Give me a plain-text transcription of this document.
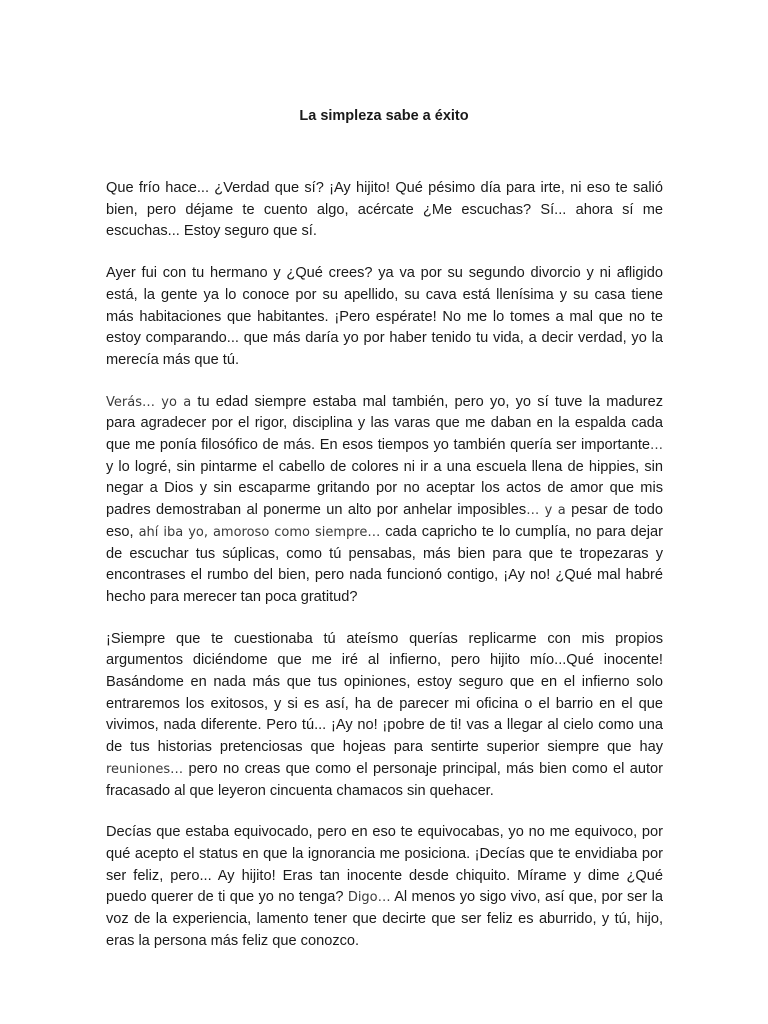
La simpleza sabe a éxito

Que frío hace... ¿Verdad que sí? ¡Ay hijito! Qué pésimo día para irte, ni eso te salió bien, pero déjame te cuento algo, acércate ¿Me escuchas? Sí... ahora sí me escuchas... Estoy seguro que sí.

Ayer fui con tu hermano y ¿Qué crees? ya va por su segundo divorcio y ni afligido está, la gente ya lo conoce por su apellido, su cava está llenísima y su casa tiene más habitaciones que habitantes. ¡Pero espérate! No me lo tomes a mal que no te estoy comparando... que más daría yo por haber tenido tu vida, a decir verdad, yo la merecía más que tú.

Verás… yo a tu edad siempre estaba mal también, pero yo, yo sí tuve la madurez para agradecer por el rigor, disciplina y las varas que me daban en la espalda cada que me ponía filosófico de más. En esos tiempos yo también quería ser importante… y lo logré, sin pintarme el cabello de colores ni ir a una escuela llena de hippies, sin negar a Dios y sin escaparme gritando por no aceptar los actos de amor que mis padres demostraban al ponerme un alto por anhelar imposibles… y a pesar de todo eso, ahí iba yo, amoroso como siempre… cada capricho te lo cumplía, no para dejar de escuchar tus súplicas, como tú pensabas, más bien para que te tropezaras y encontrases el rumbo del bien, pero nada funcionó contigo, ¡Ay no! ¿Qué mal habré hecho para merecer tan poca gratitud?

¡Siempre que te cuestionaba tú ateísmo querías replicarme con mis propios argumentos diciéndome que me iré al infierno, pero hijito mío...Qué inocente! Basándome en nada más que tus opiniones, estoy seguro que en el infierno solo entraremos los exitosos, y si es así, ha de parecer mi oficina o el barrio en el que vivimos, nada diferente. Pero tú... ¡Ay no! ¡pobre de ti! vas a llegar al cielo como una de tus historias pretenciosas que hojeas para sentirte superior siempre que hay reuniones… pero no creas que como el personaje principal, más bien como el autor fracasado al que leyeron cincuenta chamacos sin quehacer.

Decías que estaba equivocado, pero en eso te equivocabas, yo no me equivoco, por qué acepto el status en que la ignorancia me posiciona. ¡Decías que te envidiaba por ser feliz, pero... Ay hijito! Eras tan inocente desde chiquito. Mírame y dime ¿Qué puedo querer de ti que yo no tenga? Digo… Al menos yo sigo vivo, así que, por ser la voz de la experiencia, lamento tener que decirte que ser feliz es aburrido, y tú, hijo, eras la persona más feliz que conozco.
